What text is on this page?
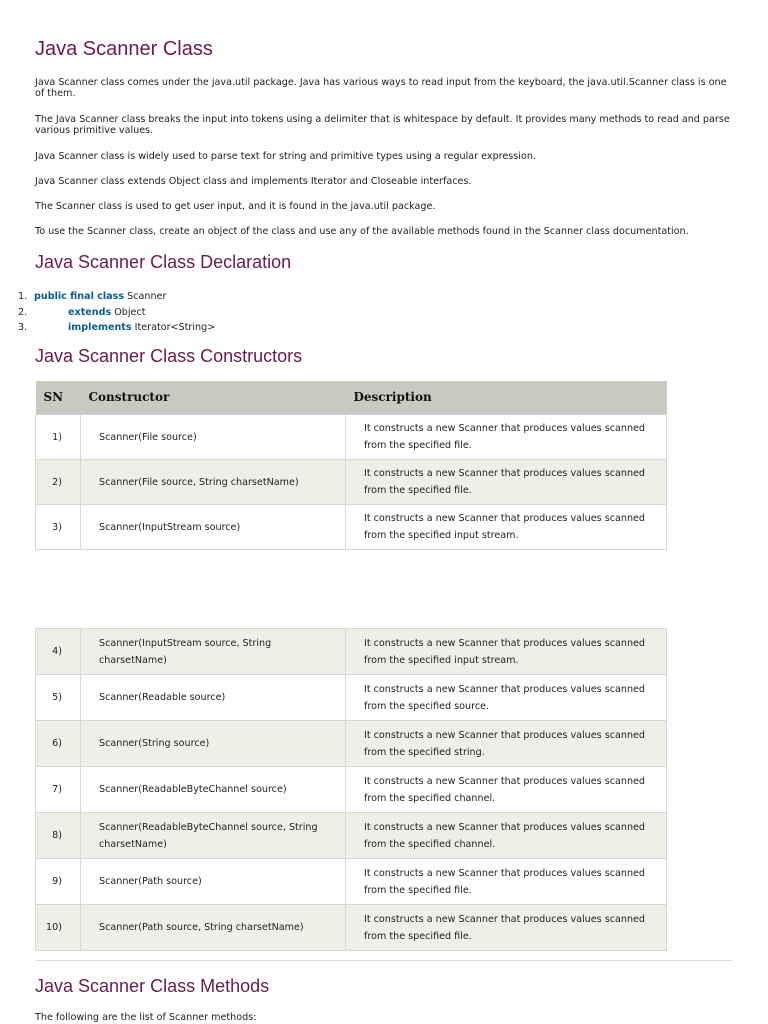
Java Scanner Class

Java Scanner class comes under the java.util package. Java has various ways to read input from the keyboard, the java.util.Scanner class is one of them.

The Java Scanner class breaks the input into tokens using a delimiter that is whitespace by default. It provides many methods to read and parse various primitive values.

Java Scanner class is widely used to parse text for string and primitive types using a regular expression.

Java Scanner class extends Object class and implements Iterator and Closeable interfaces.

The Scanner class is used to get user input, and it is found in the java.util package.

To use the Scanner class, create an object of the class and use any of the available methods found in the Scanner class documentation.

Java Scanner Class Declaration
1. public final class Scanner
2.	extends Object
3.	implements Iterator<String>
Java Scanner Class Constructors
SN	Constructor	Description
1)	Scanner(File source)	It constructs a new Scanner that produces values scanned from the specified file.
2)	Scanner(File source, String charsetName)	It constructs a new Scanner that produces values scanned from the specified file.
3)	Scanner(InputStream source)	It constructs a new Scanner that produces values scanned from the specified input stream.
4)	Scanner(InputStream source, String charsetName)	It constructs a new Scanner that produces values scanned from the specified input stream.
5)	Scanner(Readable source)	It constructs a new Scanner that produces values scanned from the specified source.
6)	Scanner(String source)	It constructs a new Scanner that produces values scanned from the specified string.
7)	Scanner(ReadableByteChannel source)	It constructs a new Scanner that produces values scanned from the specified channel.
8)	Scanner(ReadableByteChannel source, String charsetName)	It constructs a new Scanner that produces values scanned from the specified channel.
9)	Scanner(Path source)	It constructs a new Scanner that produces values scanned from the specified file.
10)	Scanner(Path source, String charsetName)	It constructs a new Scanner that produces values scanned from the specified file.
Java Scanner Class Methods

The following are the list of Scanner methods:
